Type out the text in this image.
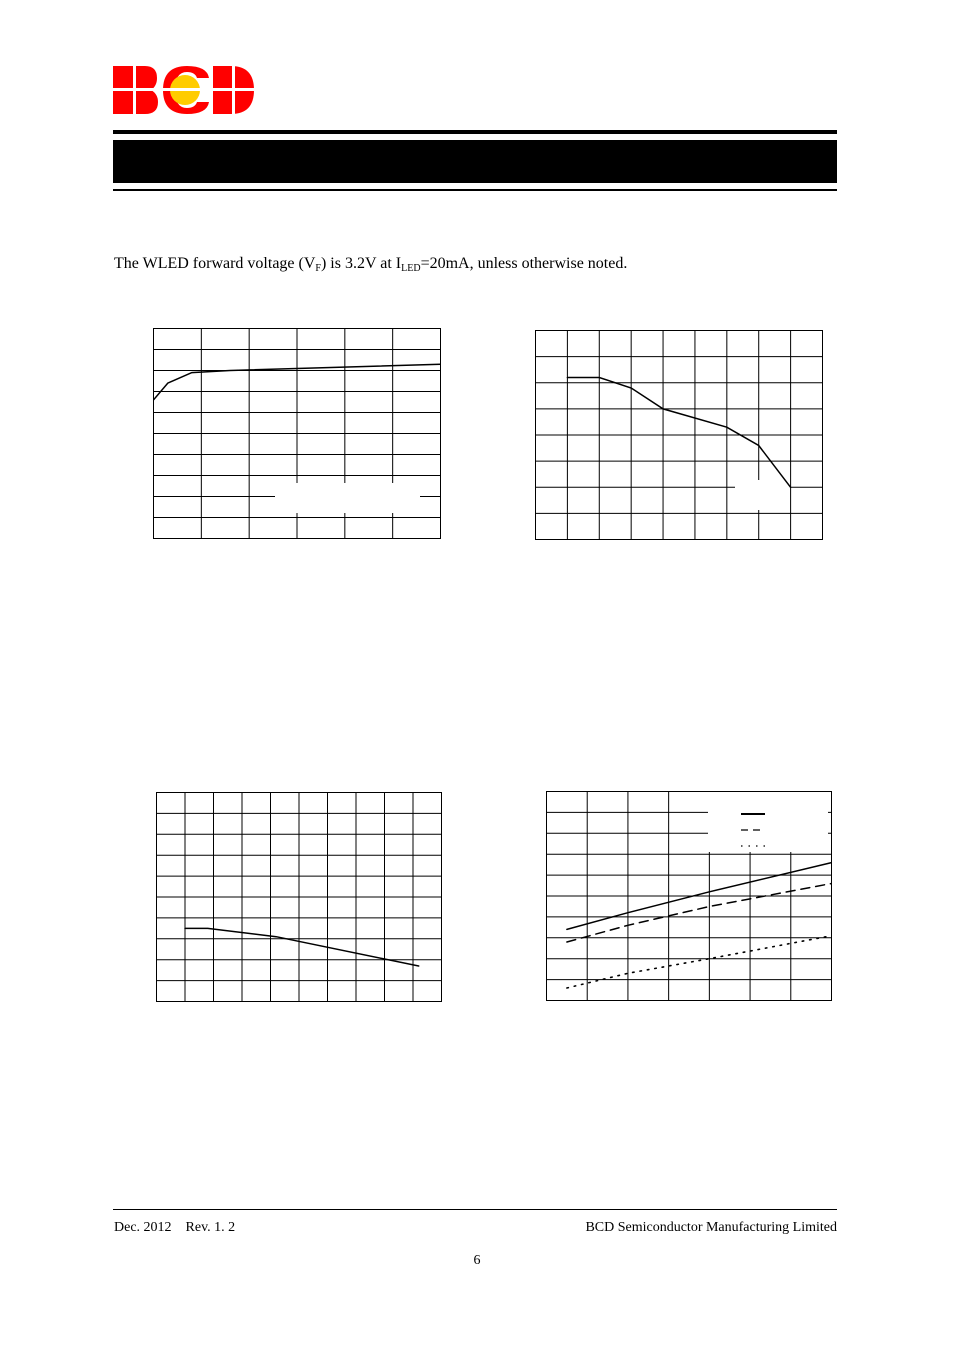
The WLED forward voltage $(V_F)$ is 3.2V at $I_{LED}=20mA$, unless otherwise noted.
Dec. 2012    Rev. 1. 2	BCD Semiconductor Manufacturing Limited
6
